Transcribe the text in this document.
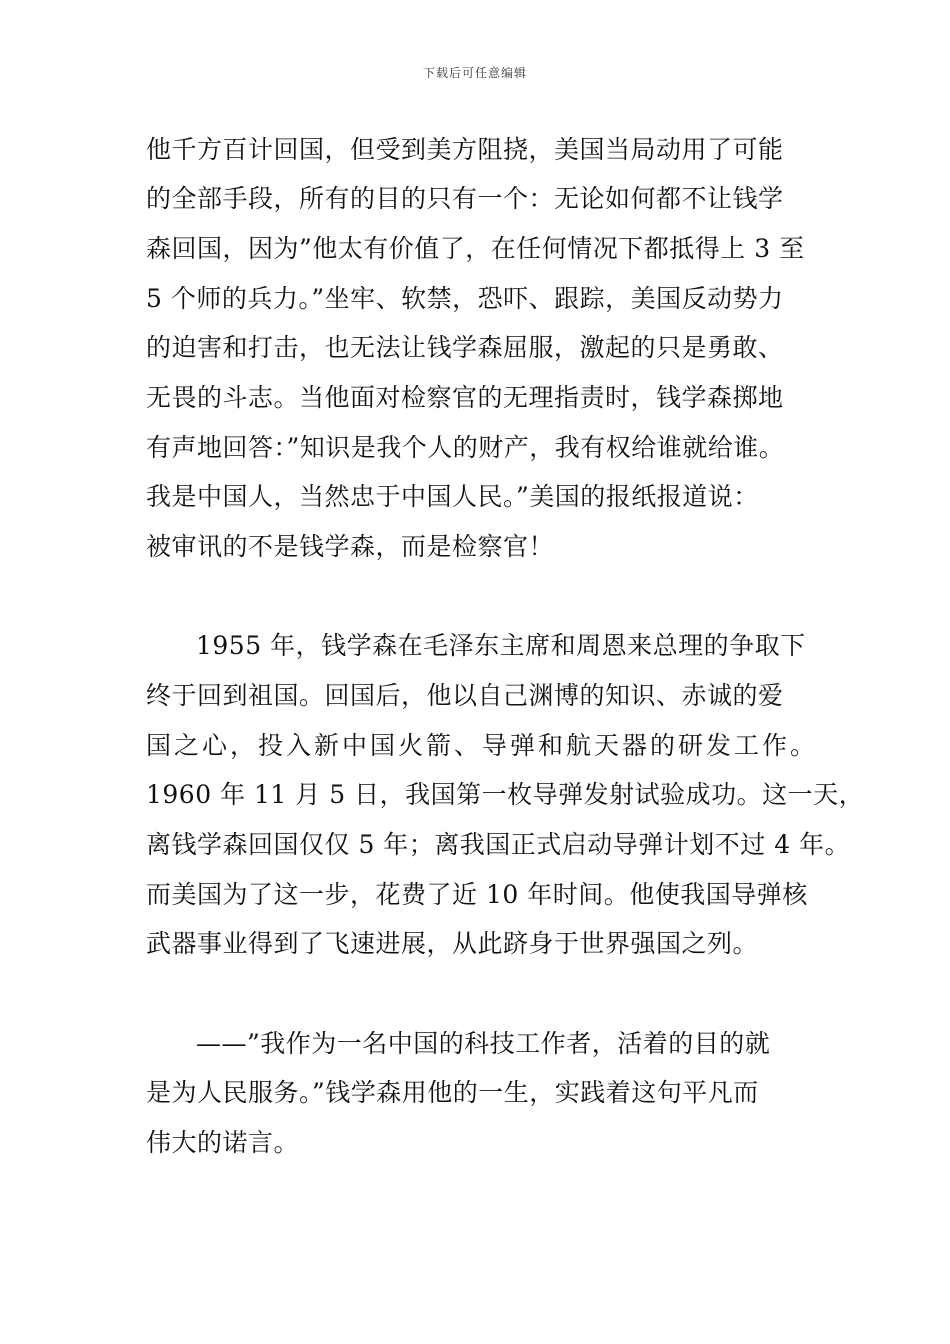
下载后可任意编辑
他千方百计回国，但受到美方阻挠，美国当局动用了可能
的全部手段，所有的目的只有一个：无论如何都不让钱学
森回国，因为”他太有价值了，在任何情况下都抵得上 3 至
5 个师的兵力。”坐牢、软禁，恐吓、跟踪，美国反动势力
的迫害和打击，也无法让钱学森屈服，激起的只是勇敢、
无畏的斗志。当他面对检察官的无理指责时，钱学森掷地
有声地回答：”知识是我个人的财产，我有权给谁就给谁。
我是中国人，当然忠于中国人民。”美国的报纸报道说：
被审讯的不是钱学森，而是检察官！
1955 年，钱学森在毛泽东主席和周恩来总理的争取下
终于回到祖国。回国后，他以自己渊博的知识、赤诚的爱
国之心，投入新中国火箭、导弹和航天器的研发工作。
1960 年 11 月 5 日，我国第一枚导弹发射试验成功。这一天，
离钱学森回国仅仅 5 年；离我国正式启动导弹计划不过 4 年。
而美国为了这一步，花费了近 10 年时间。他使我国导弹核
武器事业得到了飞速进展，从此跻身于世界强国之列。
——”我作为一名中国的科技工作者，活着的目的就
是为人民服务。”钱学森用他的一生，实践着这句平凡而
伟大的诺言。
